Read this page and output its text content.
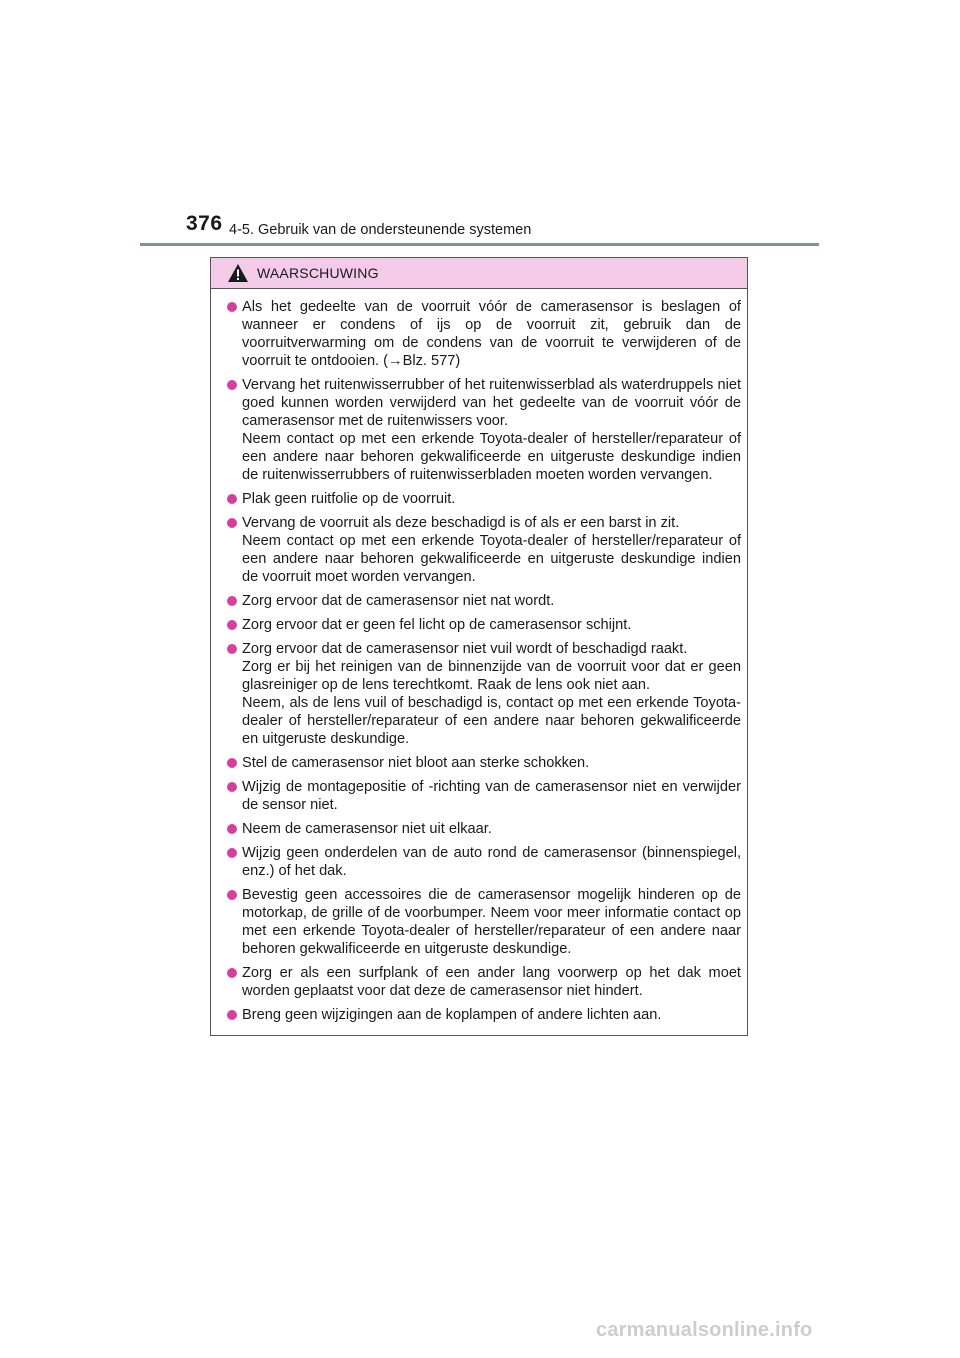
376 4-5. Gebruik van de ondersteunende systemen
WAARSCHUWING

Als het gedeelte van de voorruit vóór de camerasensor is beslagen of wanneer er condens of ijs op de voorruit zit, gebruik dan de voorruitverwarming om de condens van de voorruit te verwijderen of de voorruit te ontdooien. (→Blz. 577)

Vervang het ruitenwisserrubber of het ruitenwisserblad als waterdruppels niet goed kunnen worden verwijderd van het gedeelte van de voorruit vóór de camerasensor met de ruitenwissers voor.

Neem contact op met een erkende Toyota-dealer of hersteller/reparateur of een andere naar behoren gekwalificeerde en uitgeruste deskundige indien de ruitenwisserrubbers of ruitenwisserbladen moeten worden vervangen.

Plak geen ruitfolie op de voorruit.

Vervang de voorruit als deze beschadigd is of als er een barst in zit.

Neem contact op met een erkende Toyota-dealer of hersteller/reparateur of een andere naar behoren gekwalificeerde en uitgeruste deskundige indien de voorruit moet worden vervangen.

Zorg ervoor dat de camerasensor niet nat wordt.

Zorg ervoor dat er geen fel licht op de camerasensor schijnt.

Zorg ervoor dat de camerasensor niet vuil wordt of beschadigd raakt.

Zorg er bij het reinigen van de binnenzijde van de voorruit voor dat er geen glasreiniger op de lens terechtkomt. Raak de lens ook niet aan.

Neem, als de lens vuil of beschadigd is, contact op met een erkende Toyota-dealer of hersteller/reparateur of een andere naar behoren gekwalificeerde en uitgeruste deskundige.

Stel de camerasensor niet bloot aan sterke schokken.

Wijzig de montagepositie of -richting van de camerasensor niet en verwijder de sensor niet.

Neem de camerasensor niet uit elkaar.

Wijzig geen onderdelen van de auto rond de camerasensor (binnenspiegel, enz.) of het dak.

Bevestig geen accessoires die de camerasensor mogelijk hinderen op de motorkap, de grille of de voorbumper. Neem voor meer informatie contact op met een erkende Toyota-dealer of hersteller/reparateur of een andere naar behoren gekwalificeerde en uitgeruste deskundige.

Zorg er als een surfplank of een ander lang voorwerp op het dak moet worden geplaatst voor dat deze de camerasensor niet hindert.

Breng geen wijzigingen aan de koplampen of andere lichten aan.

carmanualsonline.info
